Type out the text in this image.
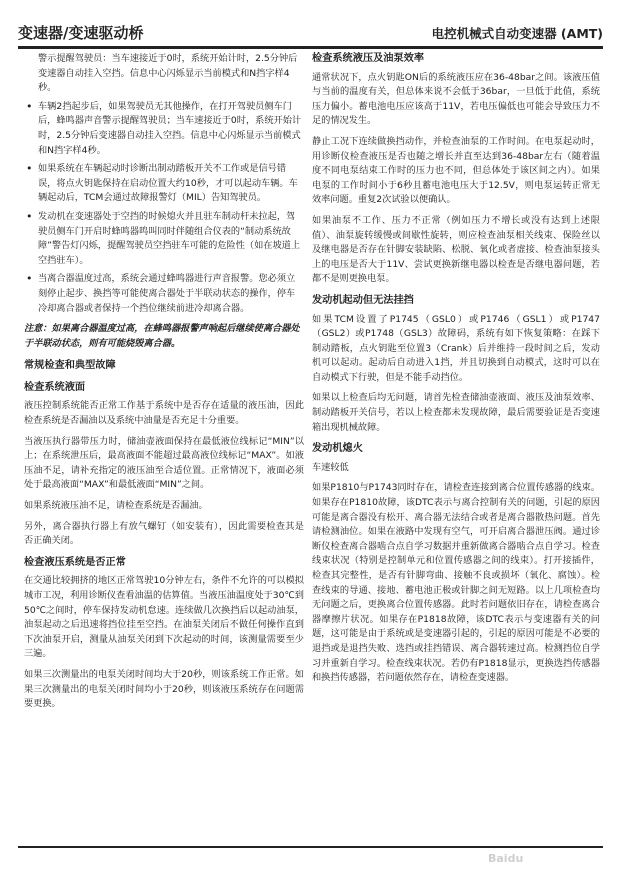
变速器/变速驱动桥	电控机械式自动变速器 (AMT)
警示提醒驾驶员：当车速接近于0时，系统开始计时，2.5分钟后变速器自动挂入空挡。信息中心闪烁显示当前模式和N挡字样4秒。
• 车辆2挡起步后，如果驾驶员无其他操作，在打开驾驶员侧车门后，蜂鸣器声音警示提醒驾驶员；当车速接近于0时，系统开始计时，2.5分钟后变速器自动挂入空挡。信息中心闪烁显示当前模式和N挡字样4秒。
• 如果系统在车辆起动时诊断出制动踏板开关不工作或是信号错误，将点火钥匙保持在启动位置大约10秒，才可以起动车辆。车辆起动后，TCM会通过故障报警灯（MIL）告知驾驶员。
• 发动机在变速器处于空挡的时候熄火并且驻车制动杆未拉起，驾驶员侧车门开启时蜂鸣器鸣叫同时伴随组合仪表的“制动系统故障”警告灯闪烁，提醒驾驶员空挡驻车可能的危险性（如在坡道上空挡驻车）。
• 当离合器温度过高，系统会通过蜂鸣器进行声音报警。您必须立刻停止起步、换挡等可能使离合器处于半联动状态的操作，停车冷却离合器或者保持一个挡位继续前进冷却离合器。
注意：如果离合器温度过高，在蜂鸣器报警声响起后继续使离合器处于半联动状态，则有可能烧毁离合器。
常规检查和典型故障
检查系统液面

液压控制系统能否正常工作基于系统中是否存在适量的液压油，因此检查系统是否漏油以及系统中油量是否充足十分重要。

当液压执行器带压力时，储油壶液面保持在最低液位线标记“MIN”以上；在系统泄压后，最高液面不能超过最高液位线标记“MAX”。如液压油不足，请补充指定的液压油至合适位置。正常情况下，液面必须处于最高液面“MAX”和最低液面“MIN”之间。

如果系统液压油不足，请检查系统是否漏油。

另外，离合器执行器上有放气螺钉（如安装有），因此需要检查其是否正确关闭。

检查液压系统是否正常

在交通比较拥挤的地区正常驾驶10分钟左右，条件不允许的可以模拟城市工况，利用诊断仪查看油温的估算值。当液压油温度处于30℃到50℃之间时，停车保持发动机怠速。连续做几次换挡后以起动油泵，油泵起动之后迅速将挡位挂至空挡。在油泵关闭后不做任何操作直到下次油泵开启，测量从油泵关闭到下次起动的时间，该测量需要至少三遍。

如果三次测量出的电泵关闭时间均大于20秒，则该系统工作正常。如果三次测量出的电泵关闭时间均小于20秒，则该液压系统存在问题需要更换。

检查系统液压及油泵效率

通常状况下，点火钥匙ON后的系统液压应在36-48bar之间。该液压值与当前的温度有关，但总体来说不会低于36bar，一旦低于此值，系统压力偏小。蓄电池电压应该高于11V，若电压偏低也可能会导致压力不足的情况发生。

静止工况下连续做换挡动作，并检查油泵的工作时间。在电泵起动时，用诊断仪检查液压是否也随之增长并直至达到36-48bar左右（随着温度不同电泵结束工作时的压力也不同，但总体处于该区间之内）。如果电泵的工作时间小于6秒且蓄电池电压大于12.5V，则电泵运转正常无效率问题。重复2次试验以便确认。

如果油泵不工作、压力不正常（例如压力不增长或没有达到上述限值）、油泵旋转缓慢或间歇性旋转，则应检查油泵相关线束、保险丝以及继电器是否存在针脚安装缺陷、松脱、氧化或者虚接、检查油泵接头上的电压是否大于11V、尝试更换新继电器以检查是否继电器问题，若都不是则更换电泵。

发动机起动但无法挂挡

如果TCM设置了P1745（GSL0）或P1746（GSL1）或P1747（GSL2）或P1748（GSL3）故障码，系统有如下恢复策略：在踩下制动踏板，点火钥匙至位置3（Crank）后并维持一段时间之后，发动机可以起动。起动后自动进入1挡，并且切换到自动模式，这时可以在自动模式下行驶，但是不能手动挡位。

如果以上检查后均无问题，请首先检查储油壶液面、液压及油泵效率、制动踏板开关信号，若以上检查都未发现故障，最后需要验证是否变速箱出现机械故障。

发动机熄火
车速较低

如果P1810与P1743同时存在，请检查连接到离合位置传感器的线束。如果存在P1810故障，该DTC表示与离合控制有关的问题，引起的原因可能是离合器没有松开、离合器无法结合或者是离合器散热问题。首先请检测油位。如果在液路中发现有空气，可开启离合器泄压阀。通过诊断仪检查离合器啮合点自学习数据并重新做离合器啮合点自学习。检查线束状况（特别是控制单元和位置传感器之间的线束）。打开接插件，检查其完整性，是否有针脚弯曲、接触不良或损坏（氧化、腐蚀）。检查线束的导通、接地、蓄电池正极或针脚之间无短路。以上几项检查均无问题之后，更换离合位置传感器。此时若问题依旧存在，请检查离合器摩擦片状况。如果存在P1818故障，该DTC表示与变速器有关的问题，这可能是由于系统或是变速器引起的，引起的原因可能是不必要的退挡或是退挡失败、选挡或挂挡错误、离合器转速过高。检测挡位自学习并重新自学习。检查线束状况。若仍有P1818显示，更换选挡传感器和换挡传感器，若问题依然存在，请检查变速器。

Baidu
